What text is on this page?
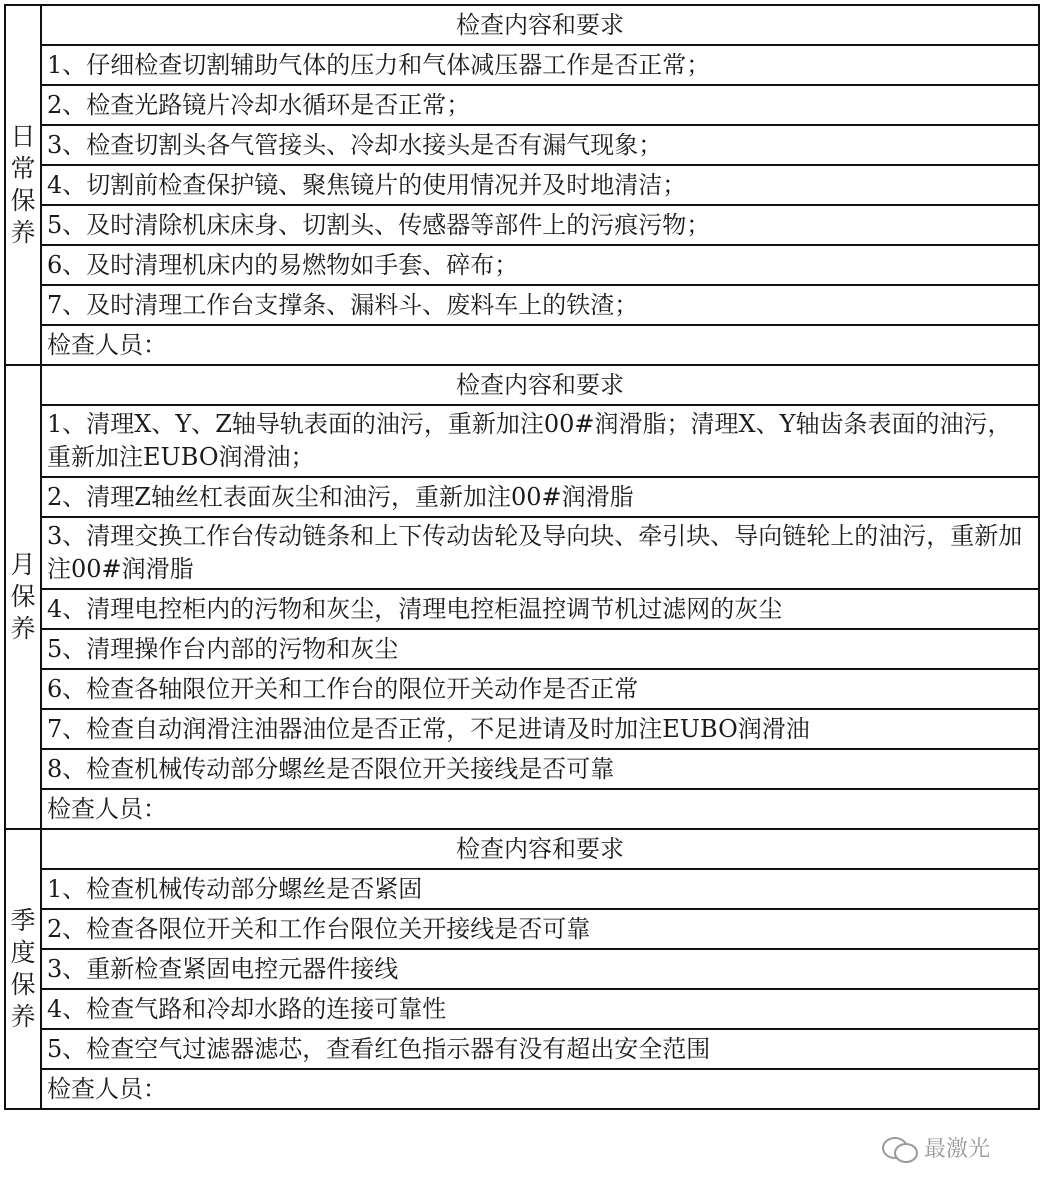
日
常
保
养	检查内容和要求
	1、仔细检查切割辅助气体的压力和气体减压器工作是否正常；
	2、检查光路镜片冷却水循环是否正常；
	3、检查切割头各气管接头、冷却水接头是否有漏气现象；
	4、切割前检查保护镜、聚焦镜片的使用情况并及时地清洁；
	5、及时清除机床床身、切割头、传感器等部件上的污痕污物；
	6、及时清理机床内的易燃物如手套、碎布；
	7、及时清理工作台支撑条、漏料斗、废料车上的铁渣；
	检查人员：

月
保
养	检查内容和要求
	1、清理X、Y、Z轴导轨表面的油污，重新加注00#润滑脂；清理X、Y轴齿条表面的油污，重新加注EUBO润滑油；
	2、清理Z轴丝杠表面灰尘和油污，重新加注00#润滑脂
	3、清理交换工作台传动链条和上下传动齿轮及导向块、牵引块、导向链轮上的油污，重新加注00#润滑脂
	4、清理电控柜内的污物和灰尘，清理电控柜温控调节机过滤网的灰尘
	5、清理操作台内部的污物和灰尘
	6、检查各轴限位开关和工作台的限位开关动作是否正常
	7、检查自动润滑注油器油位是否正常，不足进请及时加注EUBO润滑油
	8、检查机械传动部分螺丝是否限位开关接线是否可靠
	检查人员：

季
度
保
养	检查内容和要求
	1、检查机械传动部分螺丝是否紧固
	2、检查各限位开关和工作台限位关开接线是否可靠
	3、重新检查紧固电控元器件接线
	4、检查气路和冷却水路的连接可靠性
	5、检查空气过滤器滤芯，查看红色指示器有没有超出安全范围
	检查人员：
最激光
